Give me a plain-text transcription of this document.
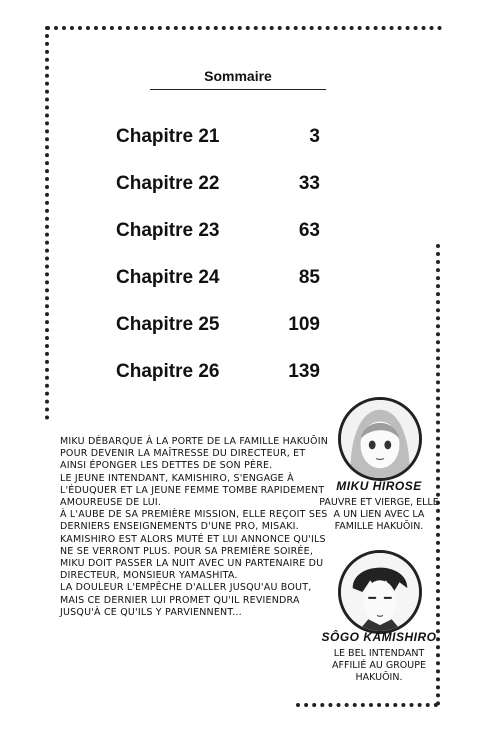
Sommaire
Chapitre 21	3
Chapitre 22	33
Chapitre 23	63
Chapitre 24	85
Chapitre 25	109
Chapitre 26	139

MIKU DÉBARQUE À LA PORTE DE LA FAMILLE HAKUŌIN POUR DEVENIR LA MAÎTRESSE DU DIRECTEUR, ET AINSI ÉPONGER LES DETTES DE SON PÈRE.

LE JEUNE INTENDANT, KAMISHIRO, S'ENGAGE À L'ÉDUQUER ET LA JEUNE FEMME TOMBE RAPIDEMENT AMOUREUSE DE LUI.

À L'AUBE DE SA PREMIÈRE MISSION, ELLE REÇOIT SES DERNIERS ENSEIGNEMENTS D'UNE PRO, MISAKI. KAMISHIRO EST ALORS MUTÉ ET LUI ANNONCE QU'ILS NE SE VERRONT PLUS. POUR SA PREMIÈRE SOIRÉE, MIKU DOIT PASSER LA NUIT AVEC UN PARTENAIRE DU DIRECTEUR, MONSIEUR YAMASHITA.

LA DOULEUR L'EMPÊCHE D'ALLER JUSQU'AU BOUT, MAIS CE DERNIER LUI PROMET QU'IL REVIENDRA JUSQU'À CE QU'ILS Y PARVIENNENT...

MIKU HIROSE
PAUVRE ET VIERGE, ELLE A UN LIEN AVEC LA FAMILLE HAKUŌIN.
SÔGO KAMISHIRO
LE BEL INTENDANT AFFILIÉ AU GROUPE HAKUŌIN.
